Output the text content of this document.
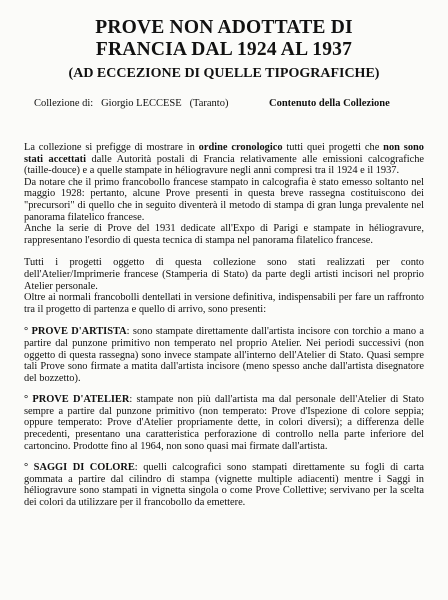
PROVE NON ADOTTATE DI
FRANCIA DAL 1924 AL 1937
(AD ECCEZIONE DI QUELLE TIPOGRAFICHE)
Collezione di: Giorgio LECCESE (Taranto)	Contenuto della Collezione

La collezione si prefigge di mostrare in ordine cronologico tutti quei progetti che non sono stati accettati dalle Autorità postali di Francia relativamente alle emissioni calcografiche (taille-douce) e a quelle stampate in héliogravure negli anni compresi tra il 1924 e il 1937.

Da notare che il primo francobollo francese stampato in calcografia è stato emesso soltanto nel maggio 1928: pertanto, alcune Prove presenti in questa breve rassegna costituiscono dei "precursori" di quello che in seguito diventerà il metodo di stampa di gran lunga prevalente nel panorama filatelico francese.

Anche la serie di Prove del 1931 dedicate all'Expo di Parigi e stampate in héliogravure, rappresentano l'esordio di questa tecnica di stampa nel panorama filatelico francese.

Tutti i progetti oggetto di questa collezione sono stati realizzati per conto dell'Atelier/Imprimerie francese (Stamperia di Stato) da parte degli artisti incisori nel proprio Atelier personale.

Oltre ai normali francobolli dentellati in versione definitiva, indispensabili per fare un raffronto tra il progetto di partenza e quello di arrivo, sono presenti:

° PROVE D'ARTISTA: sono stampate direttamente dall'artista incisore con torchio a mano a partire dal punzone primitivo non temperato nel proprio Atelier. Nei periodi successivi (non oggetto di questa rassegna) sono invece stampate all'interno dell'Atelier di Stato. Quasi sempre tali Prove sono firmate a matita dall'artista incisore (meno spesso anche dall'artista disegnatore del bozzetto).

° PROVE D'ATELIER: stampate non più dall'artista ma dal personale dell'Atelier di Stato sempre a partire dal punzone primitivo (non temperato: Prove d'Ispezione di colore seppia; oppure temperato: Prove d'Atelier propriamente dette, in colori diversi); a differenza delle precedenti, presentano una caratteristica perforazione di controllo nella parte inferiore del cartoncino. Prodotte fino al 1964, non sono quasi mai firmate dall'artista.

° SAGGI DI COLORE: quelli calcografici sono stampati direttamente su fogli di carta gommata a partire dal cilindro di stampa (vignette multiple adiacenti) mentre i Saggi in héliogravure sono stampati in vignetta singola o come Prove Collettive; servivano per la scelta dei colori da utilizzare per il francobollo da emettere.
